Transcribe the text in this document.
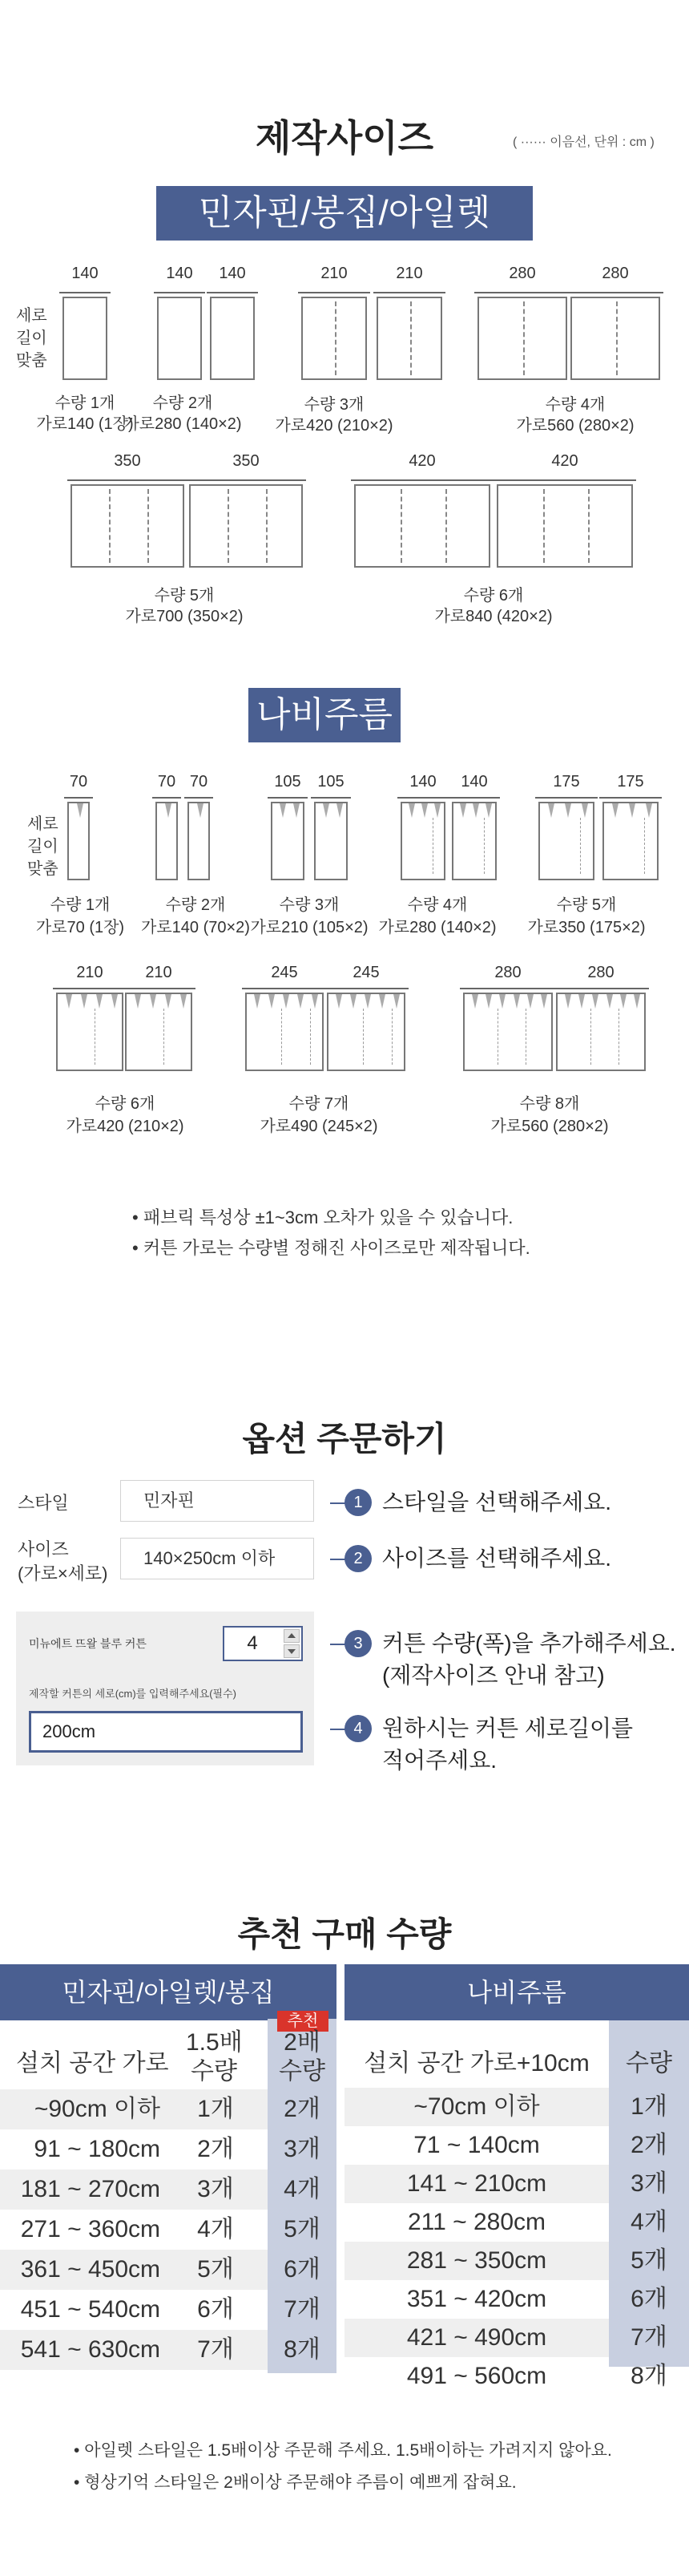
제작사이즈	( ······ 이음선, 단위 : cm )
민자핀/봉집/아일렛
나비주름
• 패브릭 특성상 ±1~3cm 오차가 있을 수 있습니다.
• 커튼 가로는 수량별 정해진 사이즈로만 제작됩니다.
옵션 주문하기
스타일	민자핀
사이즈
(가로×세로)
140×250cm 이하
미뉴에트 뜨왈 블루 커튼	4
제작할 커튼의 세로(cm)를 입력해주세요(필수)
200cm
1 스타일을 선택해주세요.
2 사이즈를 선택해주세요.
3 커튼 수량(폭)을 추가해주세요.
(제작사이즈 안내 참고)
4 원하시는 커튼 세로길이를
적어주세요.
추천 구매 수량
민자핀/아일렛/봉집
추천
설치 공간 가로
1.5배
수량
2배
수량
나비주름
설치 공간 가로+10cm	수량
• 아일렛 스타일은 1.5배이상 주문해 주세요. 1.5배이하는 가려지지 않아요.
• 형상기억 스타일은 2배이상 주문해야 주름이 예쁘게 잡혀요.
세로
길이
맞춤
140
수량 1개
가로140 (1장)
140	140
수량 2개
가로280 (140×2)
210	210
수량 3개
가로420 (210×2)
280	280
수량 4개
가로560 (280×2)
350	350
수량 5개
가로700 (350×2)
420	420
수량 6개
가로840 (420×2)
세로
길이
맞춤
70
수량 1개
가로70 (1장)
70 70
수량 2개
가로140 (70×2)
105	105
수량 3개
가로210 (105×2)
140	140
수량 4개
가로280 (140×2)
175	175
수량 5개
가로350 (175×2)
210	210
수량 6개
가로420 (210×2)
245	245
수량 7개
가로490 (245×2)
280	280
수량 8개
가로560 (280×2)
~90cm 이하	1개	2개
91 ~ 180cm	2개	3개
181 ~ 270cm	3개	4개
271 ~ 360cm	4개	5개
361 ~ 450cm	5개	6개
451 ~ 540cm	6개	7개
541 ~ 630cm	7개	8개
~70cm 이하	1개
71 ~ 140cm	2개
141 ~ 210cm	3개
211 ~ 280cm	4개
281 ~ 350cm	5개
351 ~ 420cm	6개
421 ~ 490cm	7개
491 ~ 560cm	8개
